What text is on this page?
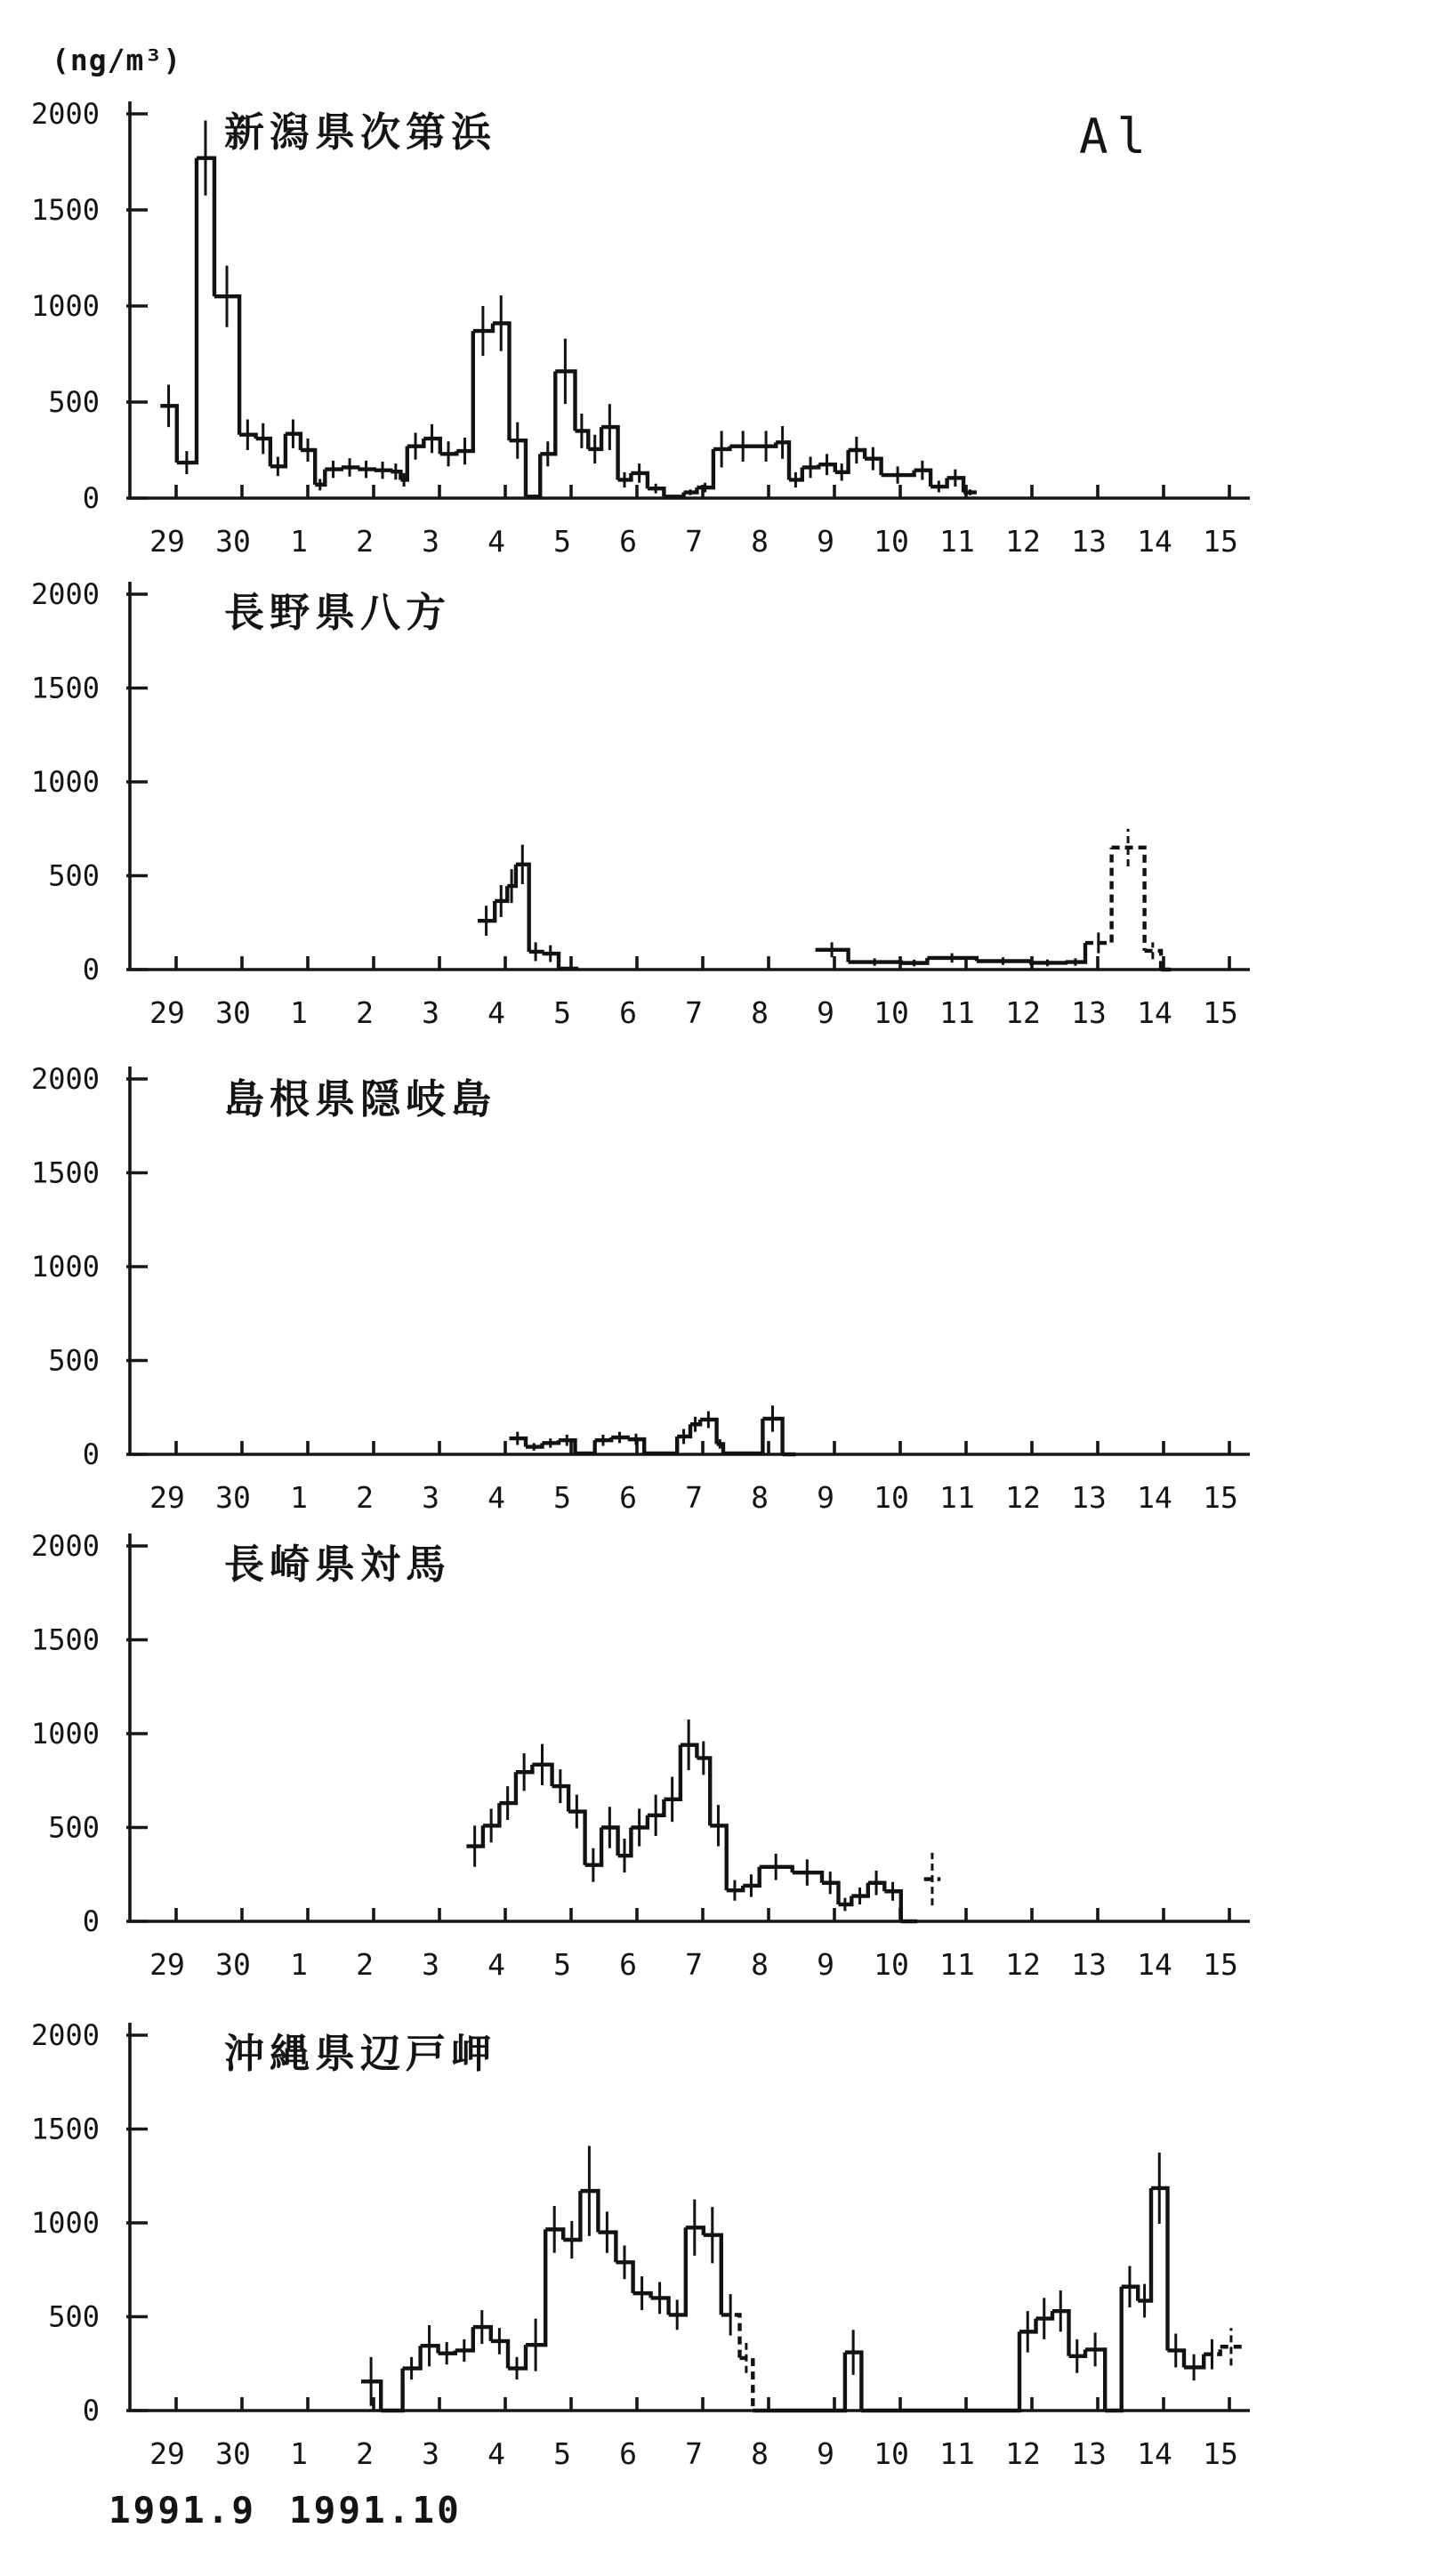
0
500
1000
1500
2000
29 30 1 2 3 4 5 6 7 8 9 10 11 12 13 14 15
0
500
1000
1500
2000
29 30 1 2 3 4 5 6 7 8 9 10 11 12 13 14 15
0
500
1000
1500
2000
29 30 1 2 3 4 5 6 7 8 9 10 11 12 13 14 15
0
500
1000
1500
2000
29 30 1 2 3 4 5 6 7 8 9 10 11 12 13 14 15
0
500
1000
1500
2000
29 30 1 2 3 4 5 6 7 8 9 10 11 12 13 14 15
(ng/m³)
Al
新潟県次第浜
長野県八方
島根県隠岐島
長崎県対馬
沖縄県辺戸岬
1991.9 1991.10
